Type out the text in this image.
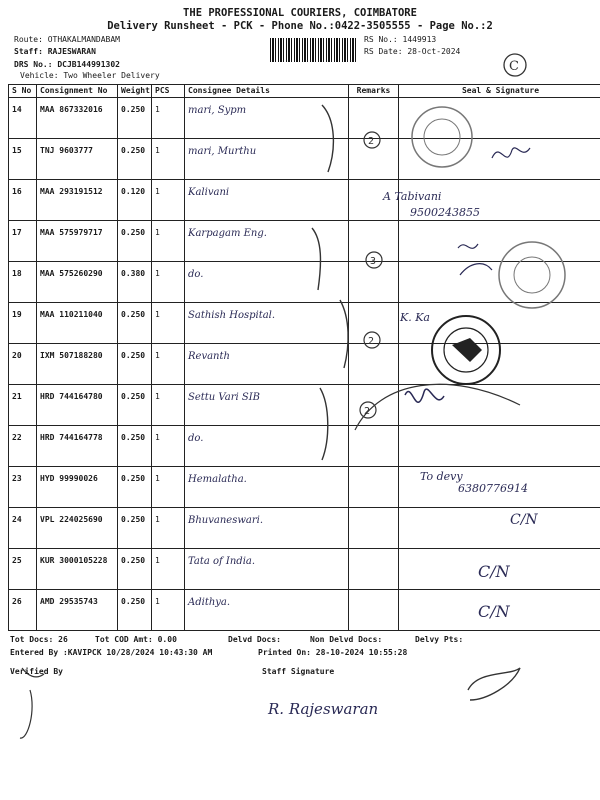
THE PROFESSIONAL COURIERS, COIMBATORE
Delivery Runsheet - PCK - Phone No.:0422-3505555 - Page No.:2
Route: OTHAKALMANDABAM
Staff: RAJESWARAN
DRS No.: DCJB144991302
Vehicle: Two Wheeler Delivery
RS No.: 1449913
RS Date: 28-Oct-2024
S No	Consignment No	Weight	PCS	Consignee Details	Remarks	Seal & Signature
14	MAA 867332016	0.250	1	mari, Sypm		
15	TNJ 9603777	0.250	1	mari, Murthu		
16	MAA 293191512	0.120	1	Kalivani		
17	MAA 575979717	0.250	1	Karpagam Eng.		
18	MAA 575260290	0.380	1	do.		
19	MAA 110211040	0.250	1	Sathish Hospital.		
20	IXM 507188280	0.250	1	Revanth		
21	HRD 744164780	0.250	1	Settu Vari SIB		
22	HRD 744164778	0.250	1	do.		
23	HYD 99990026	0.250	1	Hemalatha.		
24	VPL 224025690	0.250	1	Bhuvaneswari.		
25	KUR 3000105228	0.250	1	Tata of India.		
26	AMD 29535743	0.250	1	Adithya.		
C
2
3
2
2
A Tabivani
9500243855
K. Ka
To devy
6380776914
C/N
C/N
C/N
R. Rajeswaran
Tot Docs: 26	Tot COD Amt: 0.00	Delvd Docs:	Non Delvd Docs:	Delvy Pts:
Entered By :KAVIPCK 10/28/2024 10:43:30 AM	Printed On: 28-10-2024 10:55:28
Verified By	Staff Signature
